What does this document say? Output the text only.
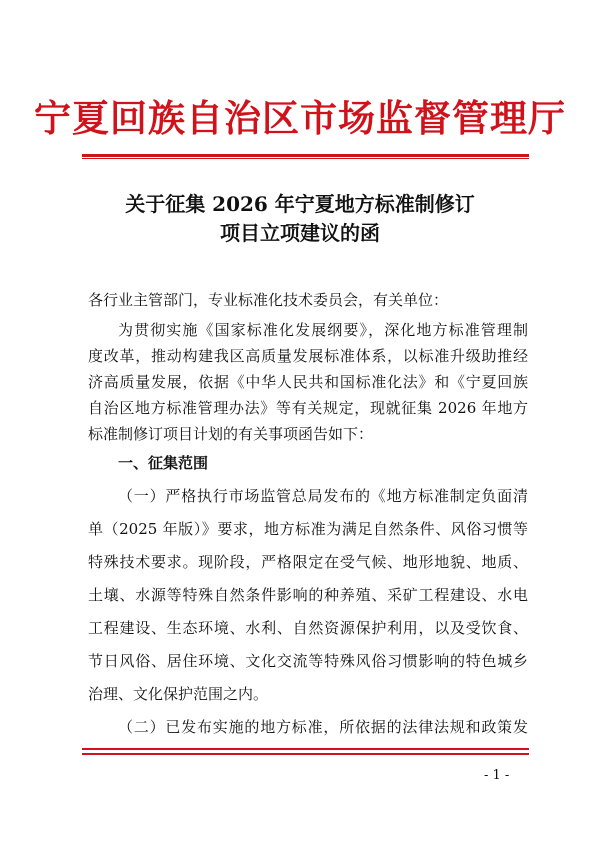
宁夏回族自治区市场监督管理厅
关于征集 2026 年宁夏地方标准制修订
项目立项建议的函
各行业主管部门，专业标准化技术委员会，有关单位：
为贯彻实施《国家标准化发展纲要》，深化地方标准管理制
度改革，推动构建我区高质量发展标准体系，以标准升级助推经
济高质量发展，依据《中华人民共和国标准化法》和《宁夏回族
自治区地方标准管理办法》等有关规定，现就征集 2026 年地方
标准制修订项目计划的有关事项函告如下：
一、征集范围
（一）严格执行市场监管总局发布的《地方标准制定负面清
单（2025 年版）》要求，地方标准为满足自然条件、风俗习惯等
特殊技术要求。现阶段，严格限定在受气候、地形地貌、地质、
土壤、水源等特殊自然条件影响的种养殖、采矿工程建设、水电
工程建设、生态环境、水利、自然资源保护利用，以及受饮食、
节日风俗、居住环境、文化交流等特殊风俗习惯影响的特色城乡
治理、文化保护范围之内。
（二）已发布实施的地方标准，所依据的法律法规和政策发
- 1 -
